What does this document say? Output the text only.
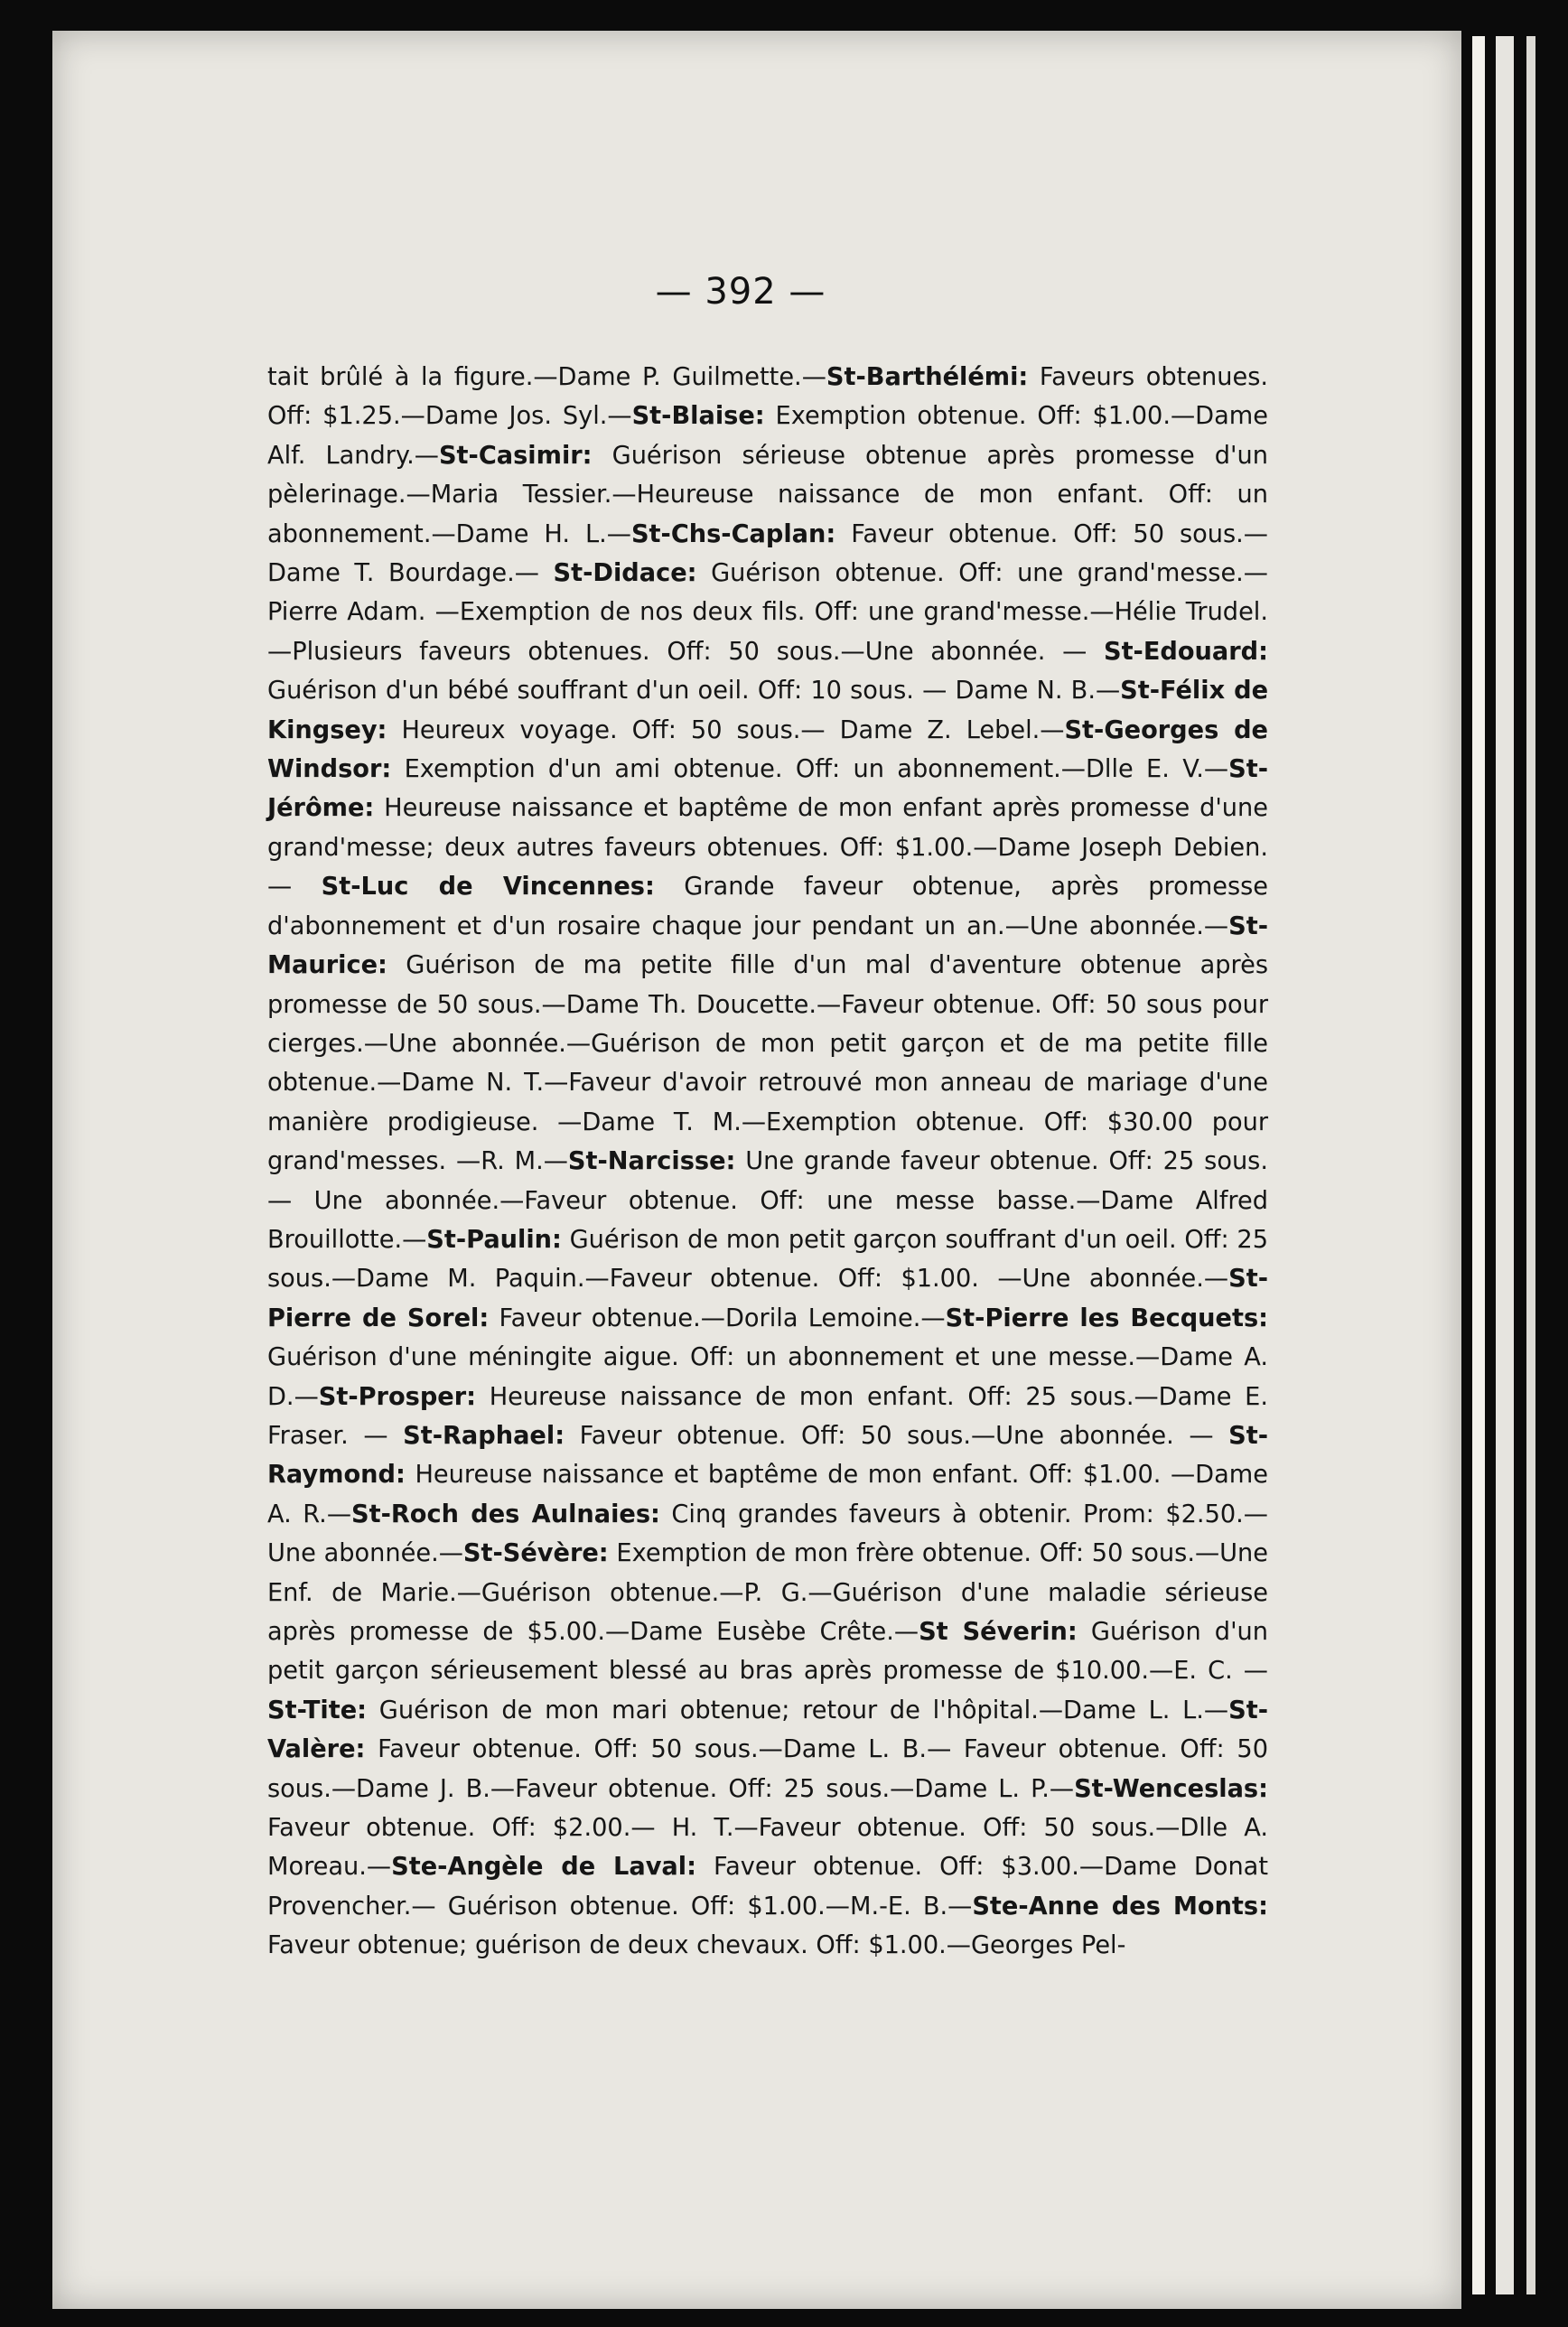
— 392 —
tait brûlé à la figure.—Dame P. Guilmette.—St-Barthélémi: Faveurs obtenues. Off: $1.25.—Dame Jos. Syl.—St-Blaise: Exemption obtenue. Off: $1.00.—Dame Alf. Landry.—St-Casimir: Guérison sérieuse obtenue après promesse d'un pèlerinage.—Maria Tessier.—Heureuse naissance de mon enfant. Off: un abonnement.—Dame H. L.—St-Chs-Caplan: Faveur obtenue. Off: 50 sous.—Dame T. Bourdage.— St-Didace: Guérison obtenue. Off: une grand'messe.—Pierre Adam. —Exemption de nos deux fils. Off: une grand'messe.—Hélie Trudel. —Plusieurs faveurs obtenues. Off: 50 sous.—Une abonnée. — St-Edouard: Guérison d'un bébé souffrant d'un oeil. Off: 10 sous. — Dame N. B.—St-Félix de Kingsey: Heureux voyage. Off: 50 sous.— Dame Z. Lebel.—St-Georges de Windsor: Exemption d'un ami obtenue. Off: un abonnement.—Dlle E. V.—St-Jérôme: Heureuse naissance et baptême de mon enfant après promesse d'une grand'messe; deux autres faveurs obtenues. Off: $1.00.—Dame Joseph Debien.— St-Luc de Vincennes: Grande faveur obtenue, après promesse d'abonnement et d'un rosaire chaque jour pendant un an.—Une abonnée.—St-Maurice: Guérison de ma petite fille d'un mal d'aventure obtenue après promesse de 50 sous.—Dame Th. Doucette.—Faveur obtenue. Off: 50 sous pour cierges.—Une abonnée.—Guérison de mon petit garçon et de ma petite fille obtenue.—Dame N. T.—Faveur d'avoir retrouvé mon anneau de mariage d'une manière prodigieuse. —Dame T. M.—Exemption obtenue. Off: $30.00 pour grand'messes. —R. M.—St-Narcisse: Une grande faveur obtenue. Off: 25 sous.— Une abonnée.—Faveur obtenue. Off: une messe basse.—Dame Alfred Brouillotte.—St-Paulin: Guérison de mon petit garçon souffrant d'un oeil. Off: 25 sous.—Dame M. Paquin.—Faveur obtenue. Off: $1.00. —Une abonnée.—St-Pierre de Sorel: Faveur obtenue.—Dorila Lemoine.—St-Pierre les Becquets: Guérison d'une méningite aigue. Off: un abonnement et une messe.—Dame A. D.—St-Prosper: Heureuse naissance de mon enfant. Off: 25 sous.—Dame E. Fraser. — St-Raphael: Faveur obtenue. Off: 50 sous.—Une abonnée. — St-Raymond: Heureuse naissance et baptême de mon enfant. Off: $1.00. —Dame A. R.—St-Roch des Aulnaies: Cinq grandes faveurs à obtenir. Prom: $2.50.—Une abonnée.—St-Sévère: Exemption de mon frère obtenue. Off: 50 sous.—Une Enf. de Marie.—Guérison obtenue.—P. G.—Guérison d'une maladie sérieuse après promesse de $5.00.—Dame Eusèbe Crête.—St Séverin: Guérison d'un petit garçon sérieusement blessé au bras après promesse de $10.00.—E. C. —St-Tite: Guérison de mon mari obtenue; retour de l'hôpital.—Dame L. L.—St-Valère: Faveur obtenue. Off: 50 sous.—Dame L. B.— Faveur obtenue. Off: 50 sous.—Dame J. B.—Faveur obtenue. Off: 25 sous.—Dame L. P.—St-Wenceslas: Faveur obtenue. Off: $2.00.— H. T.—Faveur obtenue. Off: 50 sous.—Dlle A. Moreau.—Ste-Angèle de Laval: Faveur obtenue. Off: $3.00.—Dame Donat Provencher.— Guérison obtenue. Off: $1.00.—M.-E. B.—Ste-Anne des Monts: Faveur obtenue; guérison de deux chevaux. Off: $1.00.—Georges Pel-
